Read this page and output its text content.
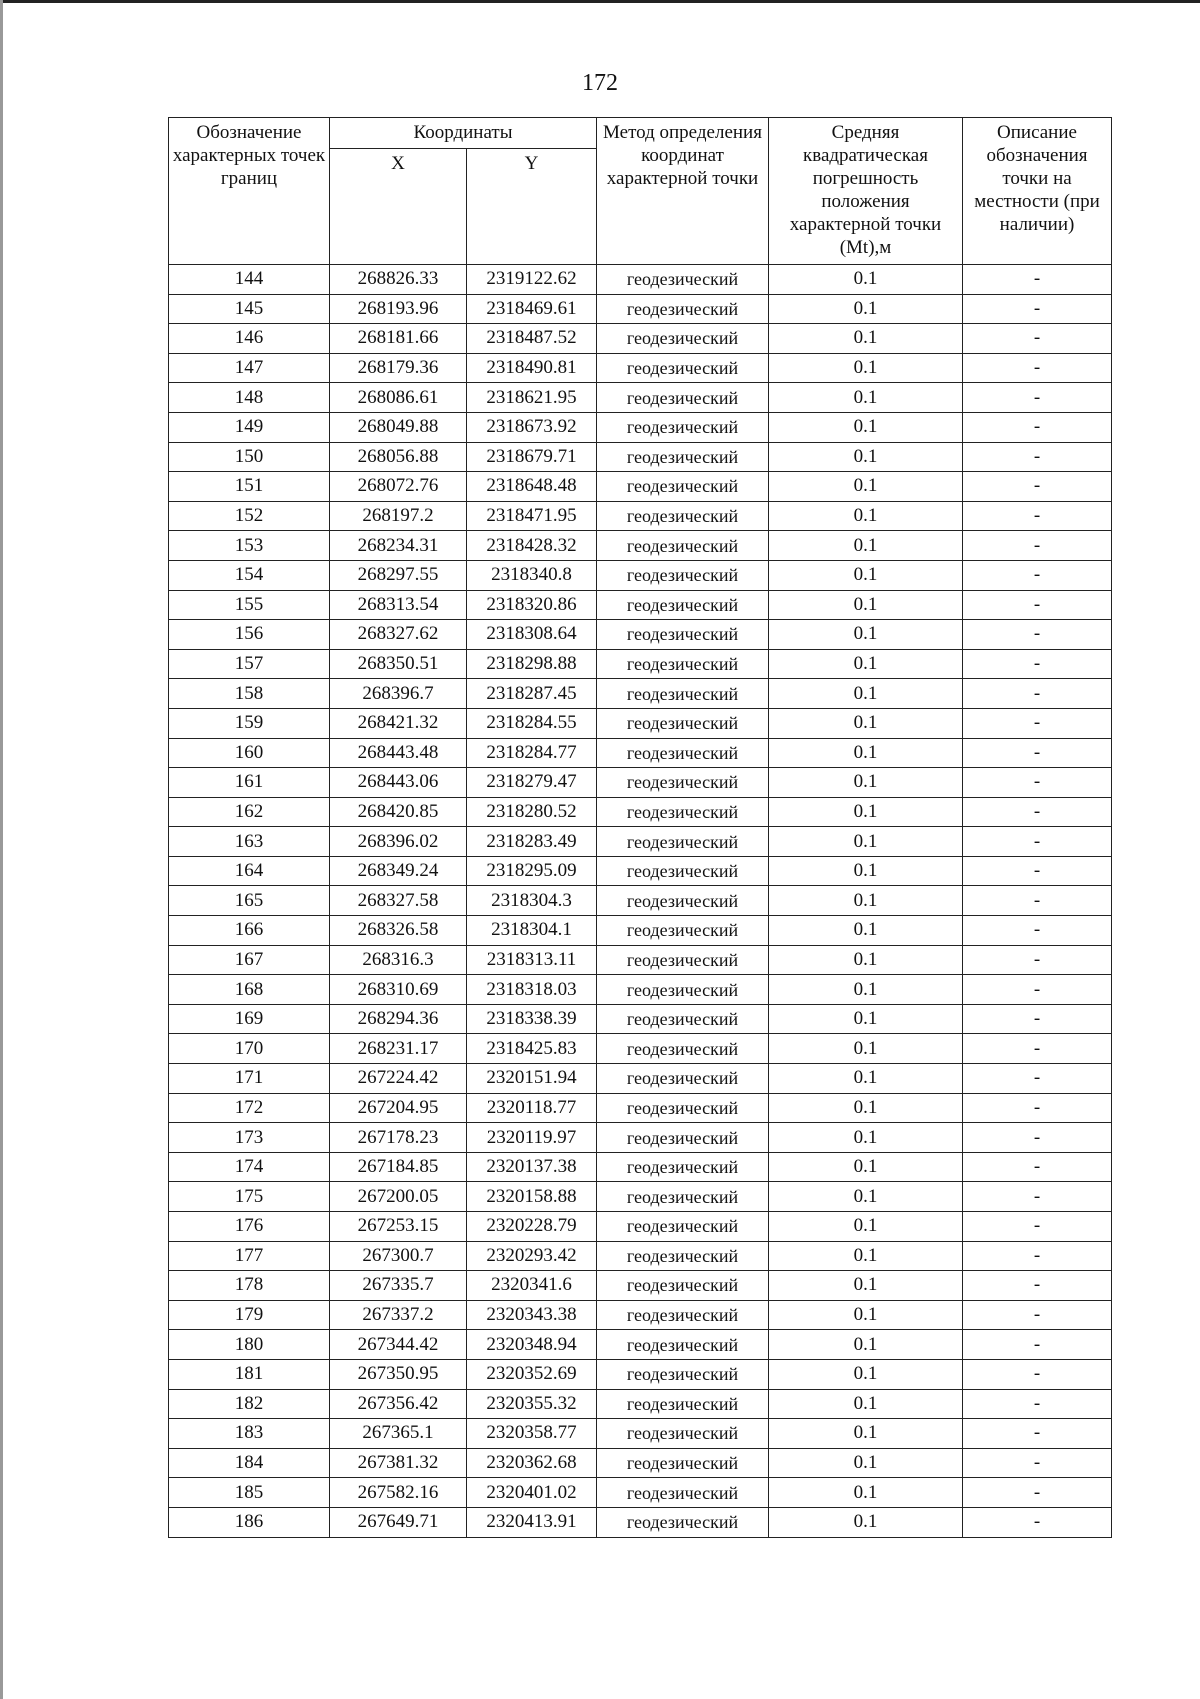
172
Обозначение характерных точек границ	Координаты		Метод определения координат характерной точки	Средняя квадратическая погрешность положения характерной точки (Mt),м	Описание обозначения точки на местности (при наличии)
	X	Y			
144	268826.33	2319122.62	геодезический	0.1	-
145	268193.96	2318469.61	геодезический	0.1	-
146	268181.66	2318487.52	геодезический	0.1	-
147	268179.36	2318490.81	геодезический	0.1	-
148	268086.61	2318621.95	геодезический	0.1	-
149	268049.88	2318673.92	геодезический	0.1	-
150	268056.88	2318679.71	геодезический	0.1	-
151	268072.76	2318648.48	геодезический	0.1	-
152	268197.2	2318471.95	геодезический	0.1	-
153	268234.31	2318428.32	геодезический	0.1	-
154	268297.55	2318340.8	геодезический	0.1	-
155	268313.54	2318320.86	геодезический	0.1	-
156	268327.62	2318308.64	геодезический	0.1	-
157	268350.51	2318298.88	геодезический	0.1	-
158	268396.7	2318287.45	геодезический	0.1	-
159	268421.32	2318284.55	геодезический	0.1	-
160	268443.48	2318284.77	геодезический	0.1	-
161	268443.06	2318279.47	геодезический	0.1	-
162	268420.85	2318280.52	геодезический	0.1	-
163	268396.02	2318283.49	геодезический	0.1	-
164	268349.24	2318295.09	геодезический	0.1	-
165	268327.58	2318304.3	геодезический	0.1	-
166	268326.58	2318304.1	геодезический	0.1	-
167	268316.3	2318313.11	геодезический	0.1	-
168	268310.69	2318318.03	геодезический	0.1	-
169	268294.36	2318338.39	геодезический	0.1	-
170	268231.17	2318425.83	геодезический	0.1	-
171	267224.42	2320151.94	геодезический	0.1	-
172	267204.95	2320118.77	геодезический	0.1	-
173	267178.23	2320119.97	геодезический	0.1	-
174	267184.85	2320137.38	геодезический	0.1	-
175	267200.05	2320158.88	геодезический	0.1	-
176	267253.15	2320228.79	геодезический	0.1	-
177	267300.7	2320293.42	геодезический	0.1	-
178	267335.7	2320341.6	геодезический	0.1	-
179	267337.2	2320343.38	геодезический	0.1	-
180	267344.42	2320348.94	геодезический	0.1	-
181	267350.95	2320352.69	геодезический	0.1	-
182	267356.42	2320355.32	геодезический	0.1	-
183	267365.1	2320358.77	геодезический	0.1	-
184	267381.32	2320362.68	геодезический	0.1	-
185	267582.16	2320401.02	геодезический	0.1	-
186	267649.71	2320413.91	геодезический	0.1	-
